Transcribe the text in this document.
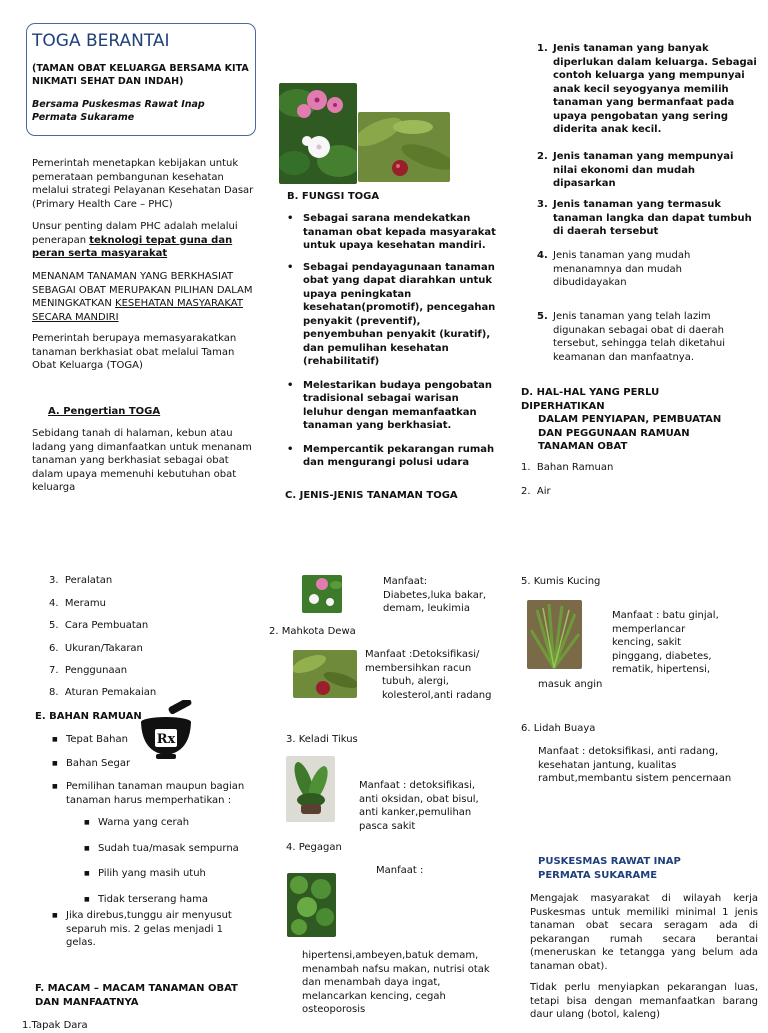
TOGA BERANTAI
(TAMAN OBAT KELUARGA BERSAMA KITA NIKMATI SEHAT DAN INDAH)
Bersama Puskesmas Rawat Inap Permata Sukarame
Pemerintah menetapkan kebijakan untuk pemerataan pembangunan kesehatan melalui strategi Pelayanan Kesehatan Dasar (Primary Health Care – PHC)
Unsur penting dalam PHC adalah melalui penerapan teknologi tepat guna dan peran serta masyarakat
MENANAM TANAMAN YANG BERKHASIAT SEBAGAI OBAT MERUPAKAN PILIHAN DALAM MENINGKATKAN KESEHATAN MASYARAKAT SECARA MANDIRI
Pemerintah berupaya memasyarakatkan tanaman berkhasiat obat melalui Taman Obat Keluarga (TOGA)
A. Pengertian TOGA
Sebidang tanah di halaman, kebun atau ladang yang dimanfaatkan untuk menanam tanaman yang berkhasiat sebagai obat dalam upaya memenuhi kebutuhan obat keluarga
B. FUNGSI TOGA
• Sebagai sarana mendekatkan tanaman obat kepada masyarakat untuk upaya kesehatan mandiri.
• Sebagai pendayagunaan tanaman obat yang dapat diarahkan untuk upaya peningkatan kesehatan(promotif), pencegahan penyakit (preventif), penyembuhan penyakit (kuratif), dan pemulihan kesehatan (rehabilitatif)
• Melestarikan budaya pengobatan tradisional sebagai warisan leluhur dengan memanfaatkan tanaman yang berkhasiat.
• Mempercantik pekarangan rumah dan mengurangi polusi udara
C. JENIS-JENIS TANAMAN TOGA
1. Jenis tanaman yang banyak diperlukan dalam keluarga. Sebagai contoh keluarga yang mempunyai anak kecil seyogyanya memilih tanaman yang bermanfaat pada upaya pengobatan yang sering diderita anak kecil.
2. Jenis tanaman yang mempunyai nilai ekonomi dan mudah dipasarkan
3. Jenis tanaman yang termasuk tanaman langka dan dapat tumbuh di daerah tersebut
4. Jenis tanaman yang mudah menanamnya dan mudah dibudidayakan
5. Jenis tanaman yang telah lazim digunakan sebagai obat di daerah tersebut, sehingga telah diketahui keamanan dan manfaatnya.
D. HAL-HAL YANG PERLU DIPERHATIKAN
DALAM PENYIAPAN, PEMBUATAN DAN PEGGUNAAN RAMUAN TANAMAN OBAT
1. Bahan Ramuan
2. Air
3. Peralatan
4. Meramu
5. Cara Pembuatan
6. Ukuran/Takaran
7. Penggunaan
8. Aturan Pemakaian
E. BAHAN RAMUAN
Rx
■ Tepat Bahan
■ Bahan Segar
■ Pemilihan tanaman maupun bagian tanaman harus memperhatikan :
■ Warna yang cerah
■ Sudah tua/masak sempurna
■ Pilih yang masih utuh
■ Tidak terserang hama
■ Jika direbus,tunggu air menyusut separuh mis. 2 gelas menjadi 1 gelas.
F. MACAM – MACAM TANAMAN OBAT DAN MANFAATNYA
1.Tapak Dara
Manfaat: Diabetes,luka bakar, demam, leukimia
2. Mahkota Dewa
Manfaat :Detoksifikasi/ membersihkan racun
tubuh, alergi, kolesterol,anti radang
3. Keladi Tikus
Manfaat : detoksifikasi, anti oksidan, obat bisul, anti kanker,pemulihan pasca sakit
4. Pegagan
Manfaat :
hipertensi,ambeyen,batuk demam, menambah nafsu makan, nutrisi otak dan menambah daya ingat, melancarkan kencing, cegah osteoporosis
5. Kumis Kucing
Manfaat : batu ginjal, memperlancar kencing, sakit pinggang, diabetes, rematik, hipertensi,
masuk angin
6. Lidah Buaya
Manfaat : detoksifikasi, anti radang, kesehatan jantung, kualitas rambut,membantu sistem pencernaan
PUSKESMAS RAWAT INAP PERMATA SUKARAME
Mengajak masyarakat di wilayah kerja Puskesmas untuk memiliki minimal 1 jenis tanaman obat secara seragam ada di pekarangan rumah secara berantai (meneruskan ke tetangga yang belum ada tanaman obat).
Tidak perlu menyiapkan pekarangan luas, tetapi bisa dengan memanfaatkan barang daur ulang (botol, kaleng)
